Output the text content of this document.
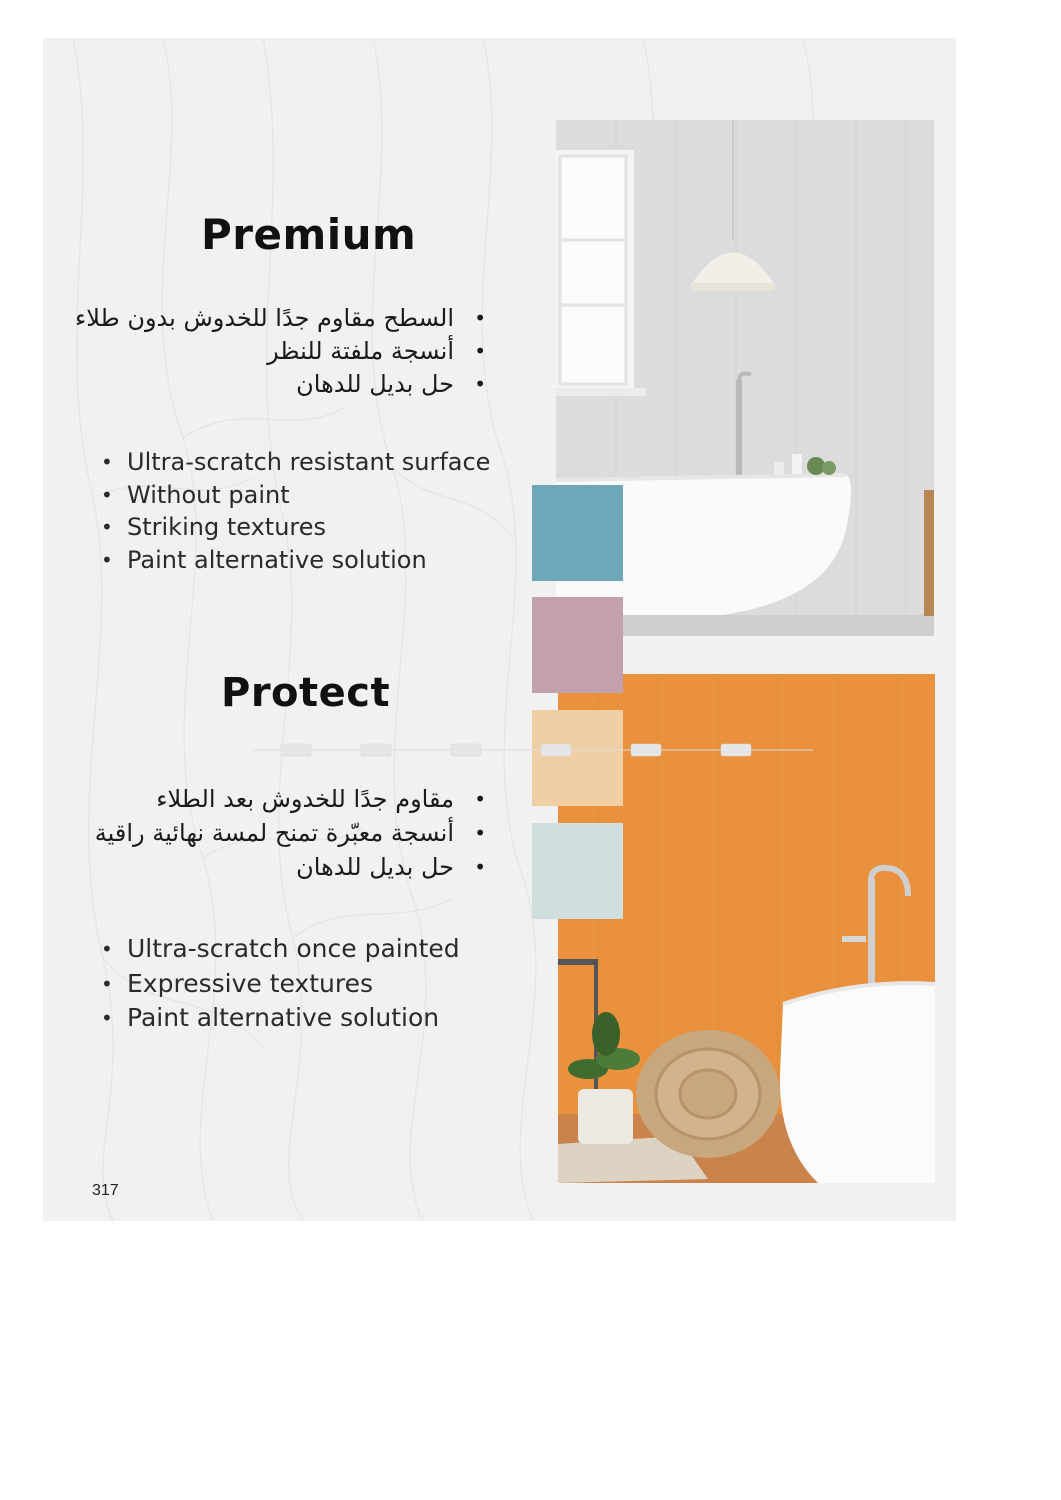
Premium
• السطح مقاوم جدًا للخدوش بدون طلاء
• أنسجة ملفتة للنظر
• حل بديل للدهان
• Ultra-scratch resistant surface
• Without paint
• Striking textures
• Paint alternative solution
Protect
• مقاوم جدًا للخدوش بعد الطلاء
• أنسجة معبّرة تمنح لمسة نهائية راقية
• حل بديل للدهان
• Ultra-scratch once painted
• Expressive textures
• Paint alternative solution
317
